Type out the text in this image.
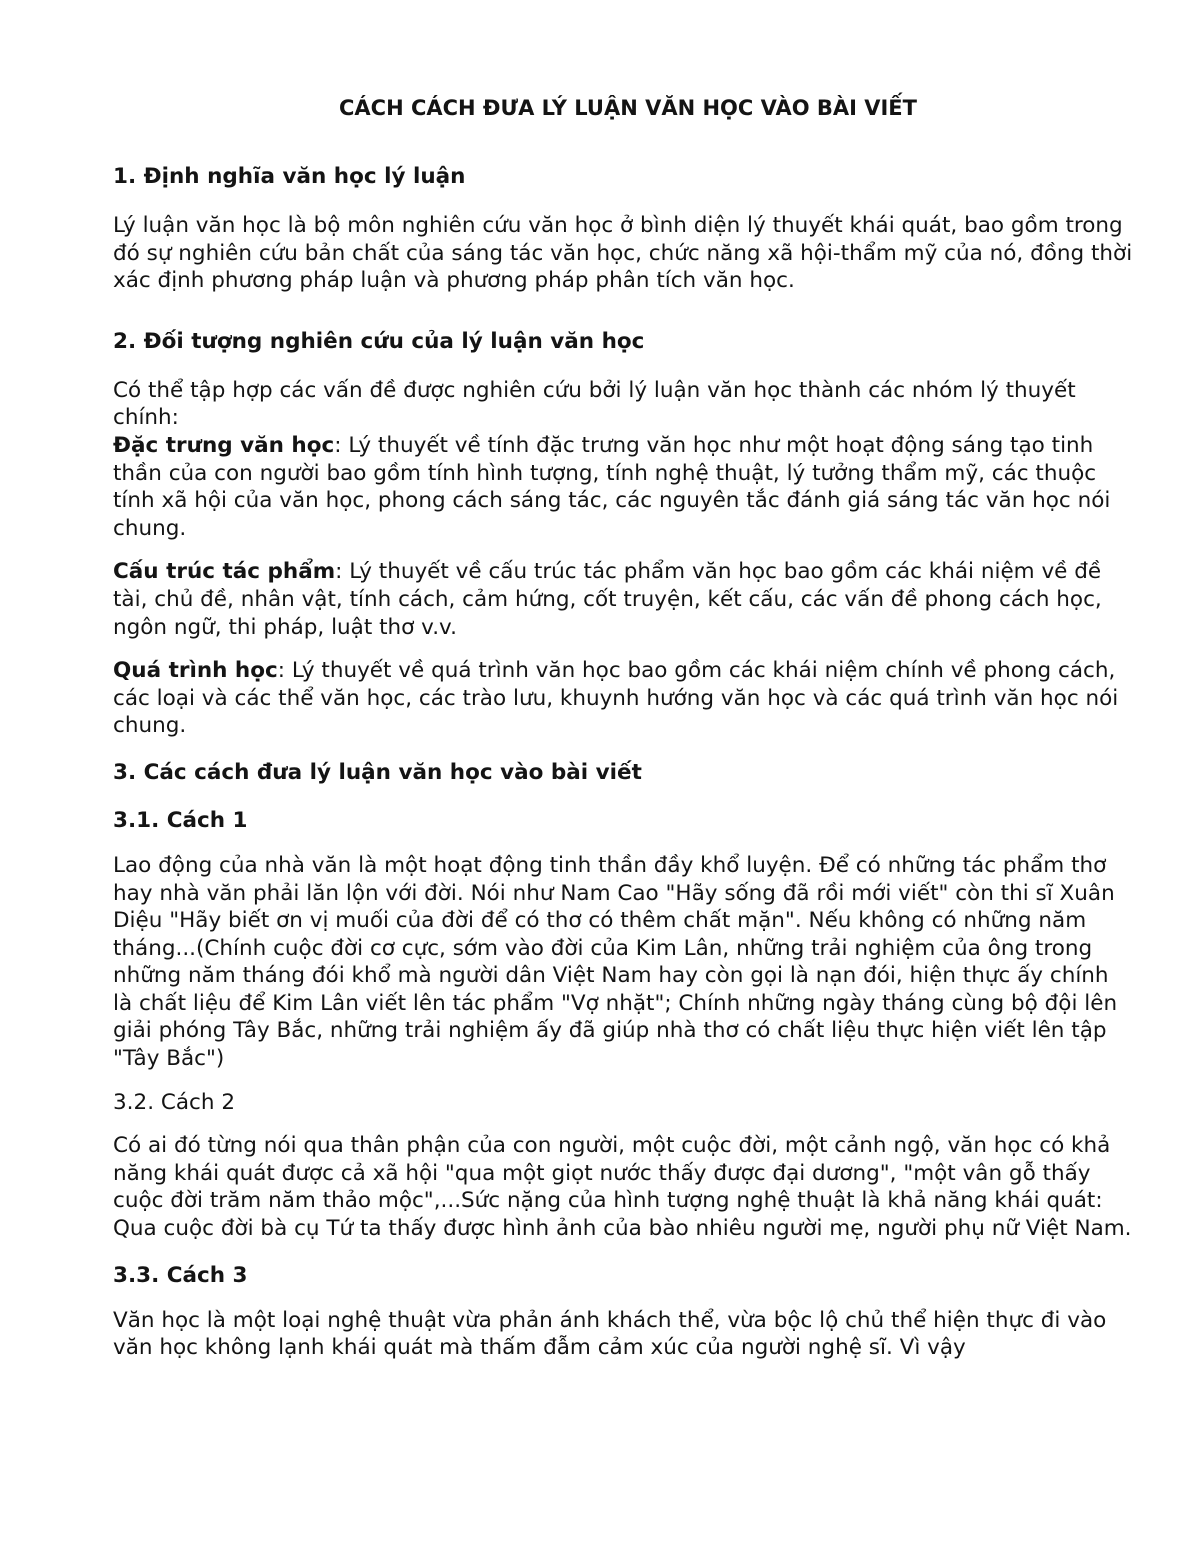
CÁCH CÁCH ĐƯA LÝ LUẬN VĂN HỌC VÀO BÀI VIẾT
1. Định nghĩa văn học lý luận

Lý luận văn học là bộ môn nghiên cứu văn học ở bình diện lý thuyết khái quát, bao gồm trong đó sự nghiên cứu bản chất của sáng tác văn học, chức năng xã hội-thẩm mỹ của nó, đồng thời xác định phương pháp luận và phương pháp phân tích văn học.

2. Đối tượng nghiên cứu của lý luận văn học

Có thể tập hợp các vấn đề được nghiên cứu bởi lý luận văn học thành các nhóm lý thuyết chính:

Đặc trưng văn học: Lý thuyết về tính đặc trưng văn học như một hoạt động sáng tạo tinh thần của con người bao gồm tính hình tượng, tính nghệ thuật, lý tưởng thẩm mỹ, các thuộc tính xã hội của văn học, phong cách sáng tác, các nguyên tắc đánh giá sáng tác văn học nói chung.

Cấu trúc tác phẩm: Lý thuyết về cấu trúc tác phẩm văn học bao gồm các khái niệm về đề tài, chủ đề, nhân vật, tính cách, cảm hứng, cốt truyện, kết cấu, các vấn đề phong cách học, ngôn ngữ, thi pháp, luật thơ v.v.

Quá trình học: Lý thuyết về quá trình văn học bao gồm các khái niệm chính về phong cách, các loại và các thể văn học, các trào lưu, khuynh hướng văn học và các quá trình văn học nói chung.

3. Các cách đưa lý luận văn học vào bài viết
3.1. Cách 1

Lao động của nhà văn là một hoạt động tinh thần đầy khổ luyện. Để có những tác phẩm thơ hay nhà văn phải lăn lộn với đời. Nói như Nam Cao "Hãy sống đã rồi mới viết" còn thi sĩ Xuân Diệu "Hãy biết ơn vị muối của đời để có thơ có thêm chất mặn". Nếu không có những năm tháng...(Chính cuộc đời cơ cực, sớm vào đời của Kim Lân, những trải nghiệm của ông trong những năm tháng đói khổ mà người dân Việt Nam hay còn gọi là nạn đói, hiện thực ấy chính là chất liệu để Kim Lân viết lên tác phẩm "Vợ nhặt"; Chính những ngày tháng cùng bộ đội lên giải phóng Tây Bắc, những trải nghiệm ấy đã giúp nhà thơ có chất liệu thực hiện viết lên tập "Tây Bắc")

3.2. Cách 2

Có ai đó từng nói qua thân phận của con người, một cuộc đời, một cảnh ngộ, văn học có khả năng khái quát được cả xã hội "qua một giọt nước thấy được đại dương", "một vân gỗ thấy cuộc đời trăm năm thảo mộc",...Sức nặng của hình tượng nghệ thuật là khả năng khái quát: Qua cuộc đời bà cụ Tứ ta thấy được hình ảnh của bào nhiêu người mẹ, người phụ nữ Việt Nam.

3.3. Cách 3

Văn học là một loại nghệ thuật vừa phản ánh khách thể, vừa bộc lộ chủ thể hiện thực đi vào văn học không lạnh khái quát mà thấm đẫm cảm xúc của người nghệ sĩ. Vì vậy
